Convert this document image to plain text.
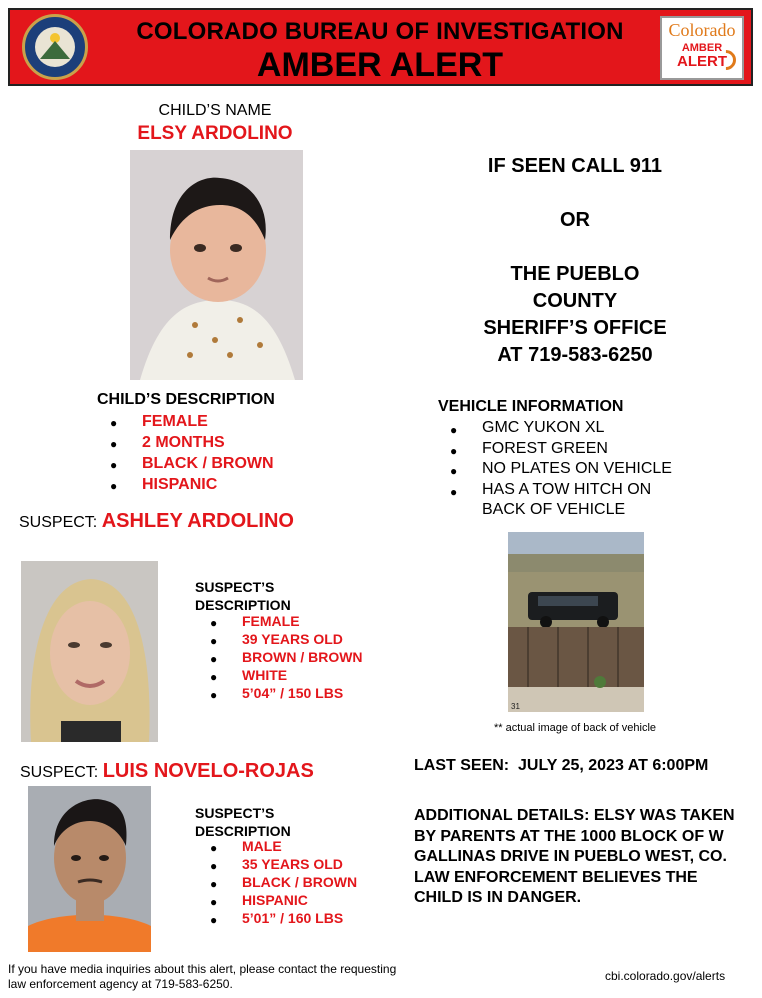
COLORADO BUREAU OF INVESTIGATION
AMBER ALERT
Colorado
AMBER
ALERT
CHILD’S NAME
ELSY ARDOLINO
CHILD’S DESCRIPTION
● FEMALE
● 2 MONTHS
● BLACK / BROWN
● HISPANIC
IF SEEN CALL 911
OR
THE PUEBLO
COUNTY
SHERIFF’S OFFICE
AT 719-583-6250
VEHICLE INFORMATION
● GMC YUKON XL
● FOREST GREEN
● NO PLATES ON VEHICLE
● HAS A TOW HITCH ON BACK OF VEHICLE
31
** actual image of back of vehicle
SUSPECT: ASHLEY ARDOLINO
SUSPECT’S
DESCRIPTION
● FEMALE
● 39 YEARS OLD
● BROWN / BROWN
● WHITE
● 5’04” / 150 LBS
SUSPECT: LUIS NOVELO-ROJAS
SUSPECT’S
DESCRIPTION
● MALE
● 35 YEARS OLD
● BLACK / BROWN
● HISPANIC
● 5’01” / 160 LBS
LAST SEEN:  JULY 25, 2023 AT 6:00PM
ADDITIONAL DETAILS: ELSY WAS TAKEN BY PARENTS AT THE 1000 BLOCK OF W GALLINAS DRIVE IN PUEBLO WEST, CO. LAW ENFORCEMENT BELIEVES THE CHILD IS IN DANGER.
If you have media inquiries about this alert, please contact the requesting
law enforcement agency at 719-583-6250.
cbi.colorado.gov/alerts
